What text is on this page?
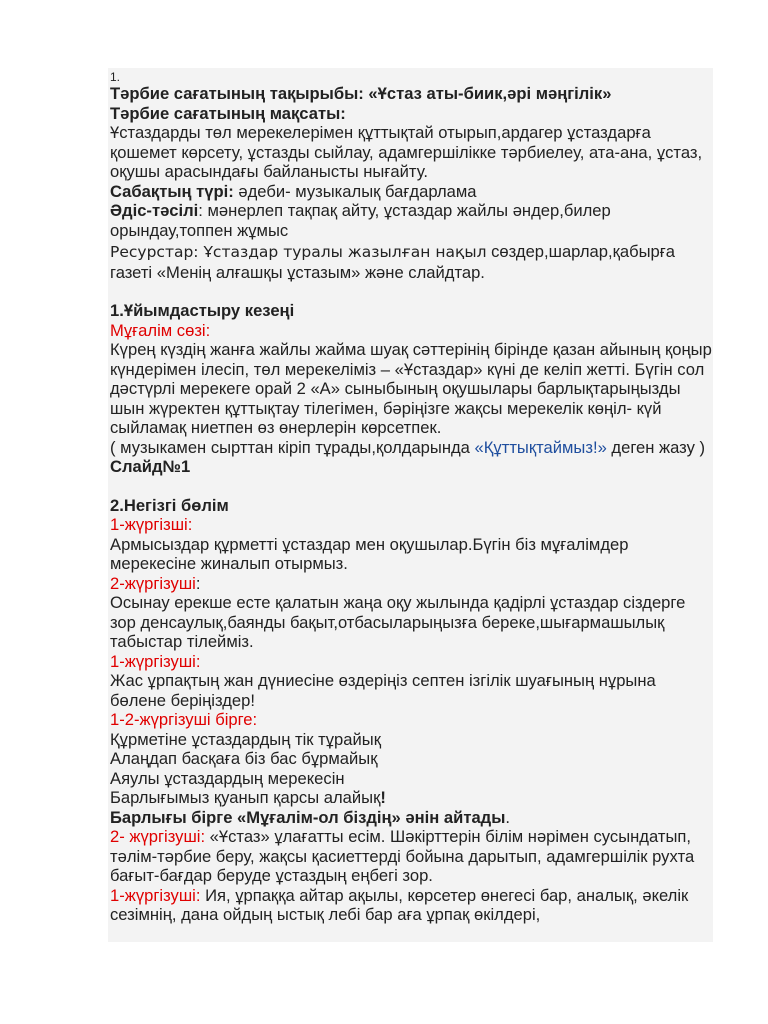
1.

Тәрбие сағатының тақырыбы: «Ұстаз аты-биик,әрі мәңгілік»

Тәрбие сағатының мақсаты:

Ұстаздарды төл мерекелерімен құттықтай отырып,ардагер ұстаздарға қошемет көрсету, ұстазды сыйлау, адамгершілікке тәрбиелеу, ата-ана, ұстаз, оқушы арасындағы байланысты нығайту.

Сабақтың түрі: әдеби- музыкалық бағдарлама

Әдіс-тәсілі: мәнерлеп тақпақ айту, ұстаздар жайлы әндер,билер орындау,топпен жұмыс

Ресурстар: Ұстаздар туралы жазылған нақыл сөздер,шарлар,қабырға газеті «Менің алғашқы ұстазым» және слайдтар.

1.Ұйымдастыру кезеңі

Мұғалім сөзі:

Күрең күздің жанға жайлы жайма шуақ сәттерінің бірінде қазан айының қоңыр күндерімен ілесіп, төл мерекеліміз – «Ұстаздар» күні де келіп жетті. Бүгін сол дәстүрлі мерекеге орай 2 «А» сыныбының оқушылары барлықтарыңызды шын жүректен құттықтау тілегімен, бәріңізге жақсы мерекелік көңіл- күй сыйламақ ниетпен өз өнерлерін көрсетпек.

( музыкамен сырттан кіріп тұрады,қолдарында «Құттықтаймыз!» деген жазу )

Слайд№1

2.Негізгі бөлім

1-жүргізші:

Армысыздар құрметті ұстаздар мен оқушылар.Бүгін біз мұғалімдер мерекесіне жиналып отырмыз.

2-жүргізуші:

Осынау ерекше есте қалатын жаңа оқу жылында қадірлі ұстаздар сіздерге зор денсаулық,баянды бақыт,отбасыларыңызға береке,шығармашылық табыстар тілейміз.

1-жүргізуші:

Жас ұрпақтың жан дүниесіне өздеріңіз септен ізгілік шуағының нұрына бөлене беріңіздер!

1-2-жүргізуші бірге:

Құрметіне ұстаздардың тік тұрайық

Алаңдап басқаға біз бас бұрмайық

Аяулы ұстаздардың мерекесін

Барлығымыз қуанып қарсы алайық!

Барлығы бірге «Мұғалім-ол біздің» әнін айтады.

2- жүргізуші: «Ұстаз» ұлағатты есім. Шәкірттерін білім нәрімен сусындатып, тәлім-тәрбие беру, жақсы қасиеттерді бойына дарытып, адамгершілік рухта бағыт-бағдар беруде ұстаздың еңбегі зор.

1-жүргізуші: Ия, ұрпаққа айтар ақылы, көрсетер өнегесі бар, аналық, әкелік сезімнің, дана ойдың ыстық лебі бар аға ұрпақ өкілдері,
